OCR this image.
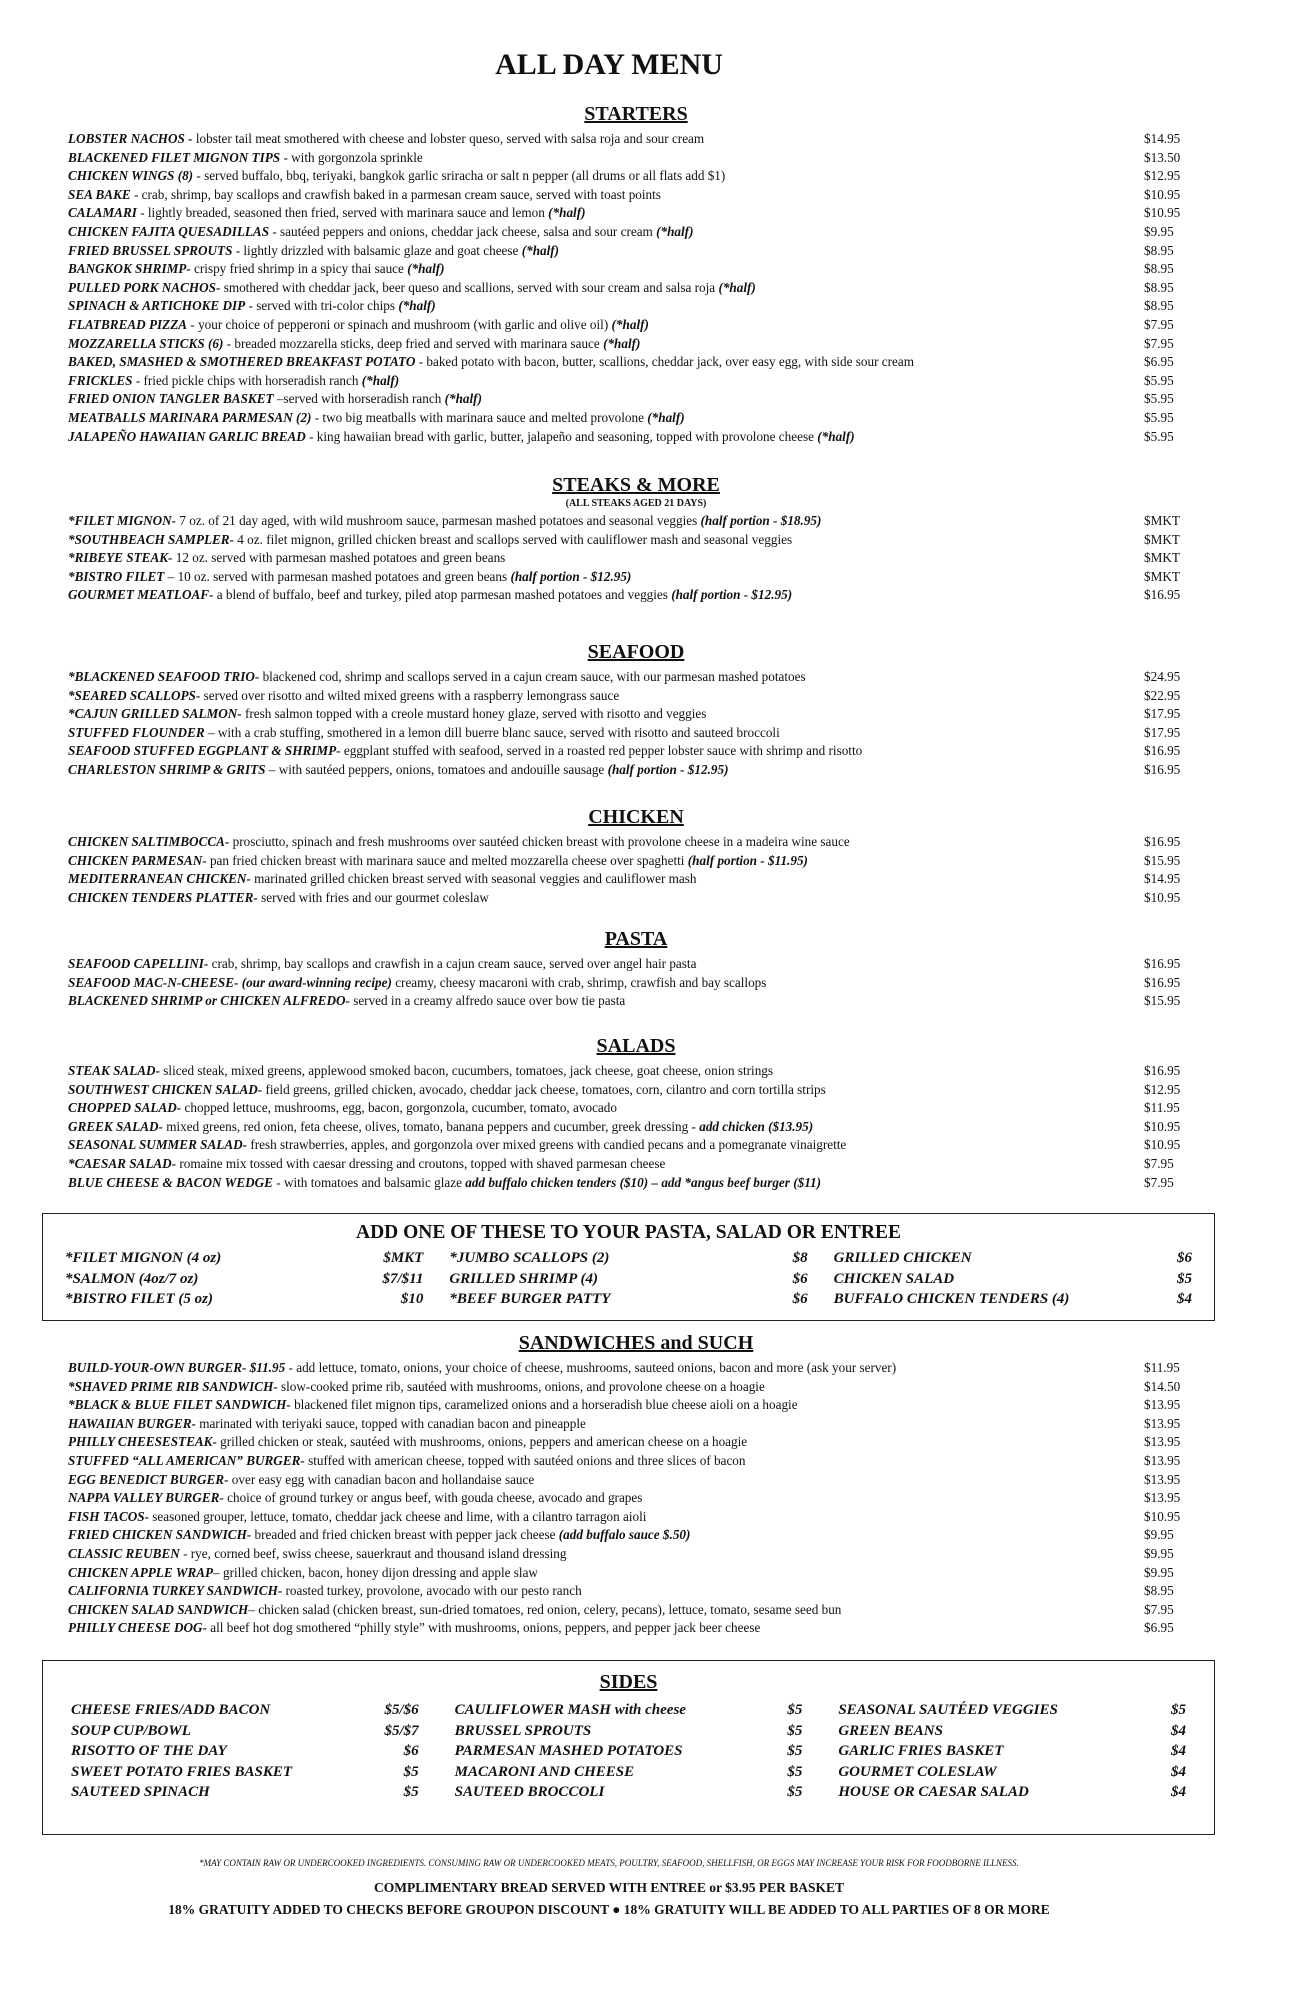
ALL DAY MENU
STARTERS
LOBSTER NACHOS - lobster tail meat smothered with cheese and lobster queso, served with salsa roja and sour cream	$14.95
BLACKENED FILET MIGNON TIPS - with gorgonzola sprinkle	$13.50
CHICKEN WINGS (8) - served buffalo, bbq, teriyaki, bangkok garlic sriracha or salt n pepper (all drums or all flats add $1)	$12.95
SEA BAKE - crab, shrimp, bay scallops and crawfish baked in a parmesan cream sauce, served with toast points	$10.95
CALAMARI - lightly breaded, seasoned then fried, served with marinara sauce and lemon (*half)	$10.95
CHICKEN FAJITA QUESADILLAS - sautéed peppers and onions, cheddar jack cheese, salsa and sour cream (*half)	$9.95
FRIED BRUSSEL SPROUTS - lightly drizzled with balsamic glaze and goat cheese (*half)	$8.95
BANGKOK SHRIMP- crispy fried shrimp in a spicy thai sauce (*half)	$8.95
PULLED PORK NACHOS- smothered with cheddar jack, beer queso and scallions, served with sour cream and salsa roja (*half)	$8.95
SPINACH & ARTICHOKE DIP - served with tri-color chips (*half)	$8.95
FLATBREAD PIZZA - your choice of pepperoni or spinach and mushroom (with garlic and olive oil) (*half)	$7.95
MOZZARELLA STICKS (6) - breaded mozzarella sticks, deep fried and served with marinara sauce (*half)	$7.95
BAKED, SMASHED & SMOTHERED BREAKFAST POTATO - baked potato with bacon, butter, scallions, cheddar jack, over easy egg, with side sour cream	$6.95
FRICKLES - fried pickle chips with horseradish ranch (*half)	$5.95
FRIED ONION TANGLER BASKET –served with horseradish ranch (*half)	$5.95
MEATBALLS MARINARA PARMESAN (2) - two big meatballs with marinara sauce and melted provolone (*half)	$5.95
JALAPEÑO HAWAIIAN GARLIC BREAD - king hawaiian bread with garlic, butter, jalapeño and seasoning, topped with provolone cheese (*half)	$5.95
STEAKS & MORE
(ALL STEAKS AGED 21 DAYS)
*FILET MIGNON- 7 oz. of 21 day aged, with wild mushroom sauce, parmesan mashed potatoes and seasonal veggies (half portion - $18.95)	$MKT
*SOUTHBEACH SAMPLER- 4 oz. filet mignon, grilled chicken breast and scallops served with cauliflower mash and seasonal veggies	$MKT
*RIBEYE STEAK- 12 oz. served with parmesan mashed potatoes and green beans	$MKT
*BISTRO FILET – 10 oz. served with parmesan mashed potatoes and green beans (half portion - $12.95)	$MKT
GOURMET MEATLOAF- a blend of buffalo, beef and turkey, piled atop parmesan mashed potatoes and veggies (half portion - $12.95)	$16.95
SEAFOOD
*BLACKENED SEAFOOD TRIO- blackened cod, shrimp and scallops served in a cajun cream sauce, with our parmesan mashed potatoes	$24.95
*SEARED SCALLOPS- served over risotto and wilted mixed greens with a raspberry lemongrass sauce	$22.95
*CAJUN GRILLED SALMON- fresh salmon topped with a creole mustard honey glaze, served with risotto and veggies	$17.95
STUFFED FLOUNDER – with a crab stuffing, smothered in a lemon dill buerre blanc sauce, served with risotto and sauteed broccoli	$17.95
SEAFOOD STUFFED EGGPLANT & SHRIMP- eggplant stuffed with seafood, served in a roasted red pepper lobster sauce with shrimp and risotto	$16.95
CHARLESTON SHRIMP & GRITS – with sautéed peppers, onions, tomatoes and andouille sausage (half portion - $12.95)	$16.95
CHICKEN
CHICKEN SALTIMBOCCA- prosciutto, spinach and fresh mushrooms over sautéed chicken breast with provolone cheese in a madeira wine sauce	$16.95
CHICKEN PARMESAN- pan fried chicken breast with marinara sauce and melted mozzarella cheese over spaghetti (half portion - $11.95)	$15.95
MEDITERRANEAN CHICKEN- marinated grilled chicken breast served with seasonal veggies and cauliflower mash	$14.95
CHICKEN TENDERS PLATTER- served with fries and our gourmet coleslaw	$10.95
PASTA
SEAFOOD CAPELLINI- crab, shrimp, bay scallops and crawfish in a cajun cream sauce, served over angel hair pasta	$16.95
SEAFOOD MAC-N-CHEESE- (our award-winning recipe) creamy, cheesy macaroni with crab, shrimp, crawfish and bay scallops	$16.95
BLACKENED SHRIMP or CHICKEN ALFREDO- served in a creamy alfredo sauce over bow tie pasta	$15.95
SALADS
STEAK SALAD- sliced steak, mixed greens, applewood smoked bacon, cucumbers, tomatoes, jack cheese, goat cheese, onion strings	$16.95
SOUTHWEST CHICKEN SALAD- field greens, grilled chicken, avocado, cheddar jack cheese, tomatoes, corn, cilantro and corn tortilla strips	$12.95
CHOPPED SALAD- chopped lettuce, mushrooms, egg, bacon, gorgonzola, cucumber, tomato, avocado	$11.95
GREEK SALAD- mixed greens, red onion, feta cheese, olives, tomato, banana peppers and cucumber, greek dressing - add chicken ($13.95)	$10.95
SEASONAL SUMMER SALAD- fresh strawberries, apples, and gorgonzola over mixed greens with candied pecans and a pomegranate vinaigrette	$10.95
*CAESAR SALAD- romaine mix tossed with caesar dressing and croutons, topped with shaved parmesan cheese	$7.95
BLUE CHEESE & BACON WEDGE - with tomatoes and balsamic glaze add buffalo chicken tenders ($10) – add *angus beef burger ($11)	$7.95
ADD ONE OF THESE TO YOUR PASTA, SALAD OR ENTREE
*FILET MIGNON (4 oz)	$MKT
*SALMON (4oz/7 oz)	$7/$11
*BISTRO FILET (5 oz)	$10
*JUMBO SCALLOPS (2)	$8
GRILLED SHRIMP (4)	$6
*BEEF BURGER PATTY	$6
GRILLED CHICKEN	$6
CHICKEN SALAD	$5
BUFFALO CHICKEN TENDERS (4)	$4
SANDWICHES and SUCH
BUILD-YOUR-OWN BURGER- $11.95 - add lettuce, tomato, onions, your choice of cheese, mushrooms, sauteed onions, bacon and more (ask your server)	$11.95
*SHAVED PRIME RIB SANDWICH- slow-cooked prime rib, sautéed with mushrooms, onions, and provolone cheese on a hoagie	$14.50
*BLACK & BLUE FILET SANDWICH- blackened filet mignon tips, caramelized onions and a horseradish blue cheese aioli on a hoagie	$13.95
HAWAIIAN BURGER- marinated with teriyaki sauce, topped with canadian bacon and pineapple	$13.95
PHILLY CHEESESTEAK- grilled chicken or steak, sautéed with mushrooms, onions, peppers and american cheese on a hoagie	$13.95
STUFFED “ALL AMERICAN” BURGER- stuffed with american cheese, topped with sautéed onions and three slices of bacon	$13.95
EGG BENEDICT BURGER- over easy egg with canadian bacon and hollandaise sauce	$13.95
NAPPA VALLEY BURGER- choice of ground turkey or angus beef, with gouda cheese, avocado and grapes	$13.95
FISH TACOS- seasoned grouper, lettuce, tomato, cheddar jack cheese and lime, with a cilantro tarragon aioli	$10.95
FRIED CHICKEN SANDWICH- breaded and fried chicken breast with pepper jack cheese (add buffalo sauce $.50)	$9.95
CLASSIC REUBEN - rye, corned beef, swiss cheese, sauerkraut and thousand island dressing	$9.95
CHICKEN APPLE WRAP– grilled chicken, bacon, honey dijon dressing and apple slaw	$9.95
CALIFORNIA TURKEY SANDWICH- roasted turkey, provolone, avocado with our pesto ranch	$8.95
CHICKEN SALAD SANDWICH– chicken salad (chicken breast, sun-dried tomatoes, red onion, celery, pecans), lettuce, tomato, sesame seed bun	$7.95
PHILLY CHEESE DOG- all beef hot dog smothered “philly style” with mushrooms, onions, peppers, and pepper jack beer cheese	$6.95
SIDES
CHEESE FRIES/ADD BACON	$5/$6
SOUP CUP/BOWL	$5/$7
RISOTTO OF THE DAY	$6
SWEET POTATO FRIES BASKET	$5
SAUTEED SPINACH	$5
CAULIFLOWER MASH with cheese	$5
BRUSSEL SPROUTS	$5
PARMESAN MASHED POTATOES	$5
MACARONI AND CHEESE	$5
SAUTEED BROCCOLI	$5
SEASONAL SAUTÉED VEGGIES	$5
GREEN BEANS	$4
GARLIC FRIES BASKET	$4
GOURMET COLESLAW	$4
HOUSE OR CAESAR SALAD	$4
*MAY CONTAIN RAW OR UNDERCOOKED INGREDIENTS. CONSUMING RAW OR UNDERCOOKED MEATS, POULTRY, SEAFOOD, SHELLFISH, OR EGGS MAY INCREASE YOUR RISK FOR FOODBORNE ILLNESS.
COMPLIMENTARY BREAD SERVED WITH ENTREE or $3.95 PER BASKET
18% GRATUITY ADDED TO CHECKS BEFORE GROUPON DISCOUNT ● 18% GRATUITY WILL BE ADDED TO ALL PARTIES OF 8 OR MORE
